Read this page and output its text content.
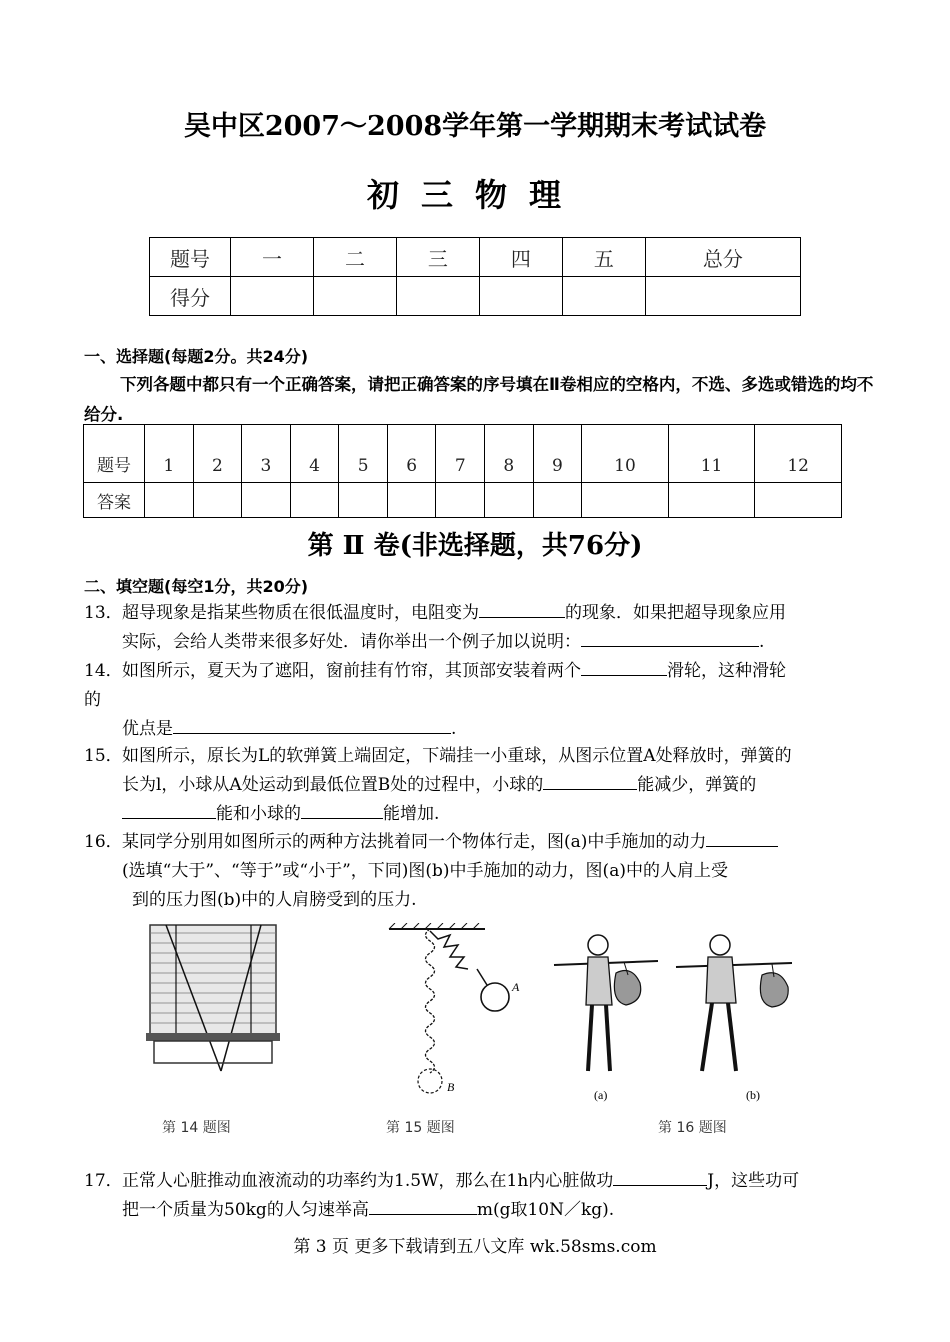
吴中区2007～2008学年第一学期期末考试试卷
初三物理
题号	一	二	三	四	五	总分
得分						
一、选择题(每题2分。共24分)
下列各题中都只有一个正确答案，请把正确答案的序号填在Ⅱ卷相应的空格内，不选、多选或错选的均不给分.
题号	1	2	3	4	5	6	7	8	9	10	11	12
答案												
第 Ⅱ 卷(非选择题，共76分)
二、填空题(每空1分，共20分)
13．超导现象是指某些物质在很低温度时，电阻变为	的现象．如果把超导现象应用
实际，会给人类带来很多好处．请你举出一个例子加以说明：	.
14．如图所示，夏天为了遮阳，窗前挂有竹帘，其顶部安装着两个	滑轮，这种滑轮
的
优点是	.
15．如图所示，原长为L的软弹簧上端固定，下端挂一小重球，从图示位置A处释放时，弹簧的
长为l，小球从A处运动到最低位置B处的过程中，小球的	能减少，弹簧的
能和小球的	能增加.
16．某同学分别用如图所示的两种方法挑着同一个物体行走，图(a)中手施加的动力
(选填“大于”、“等于”或“小于”，下同)图(b)中手施加的动力，图(a)中的人肩上受
到的压力图(b)中的人肩膀受到的压力.
第 14 题图
A
B
第 15 题图
(a)	(b)
第 16 题图
17．正常人心脏推动血液流动的功率约为1.5W，那么在1h内心脏做功	J，这些功可
把一个质量为50kg的人匀速举高	m(g取10N／kg).
第 3 页 更多下载请到五八文库 wk.58sms.com
